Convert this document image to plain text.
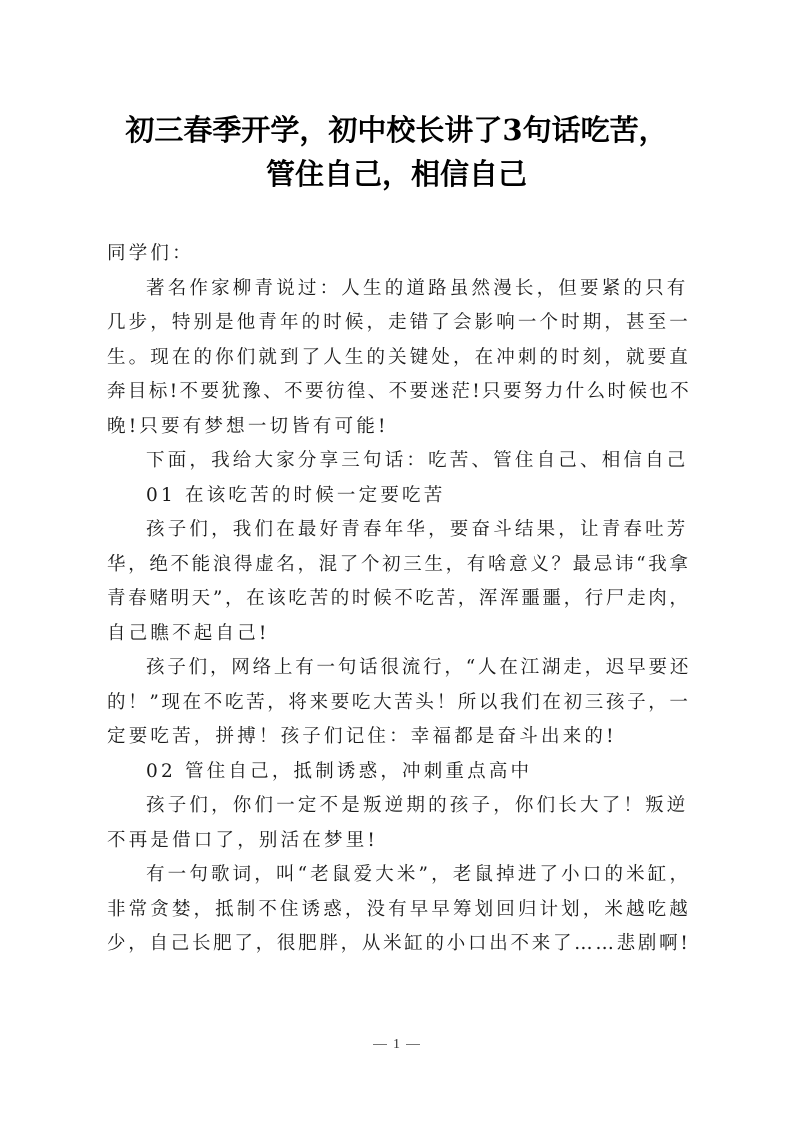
初三春季开学，初中校长讲了3句话吃苦，
管住自己，相信自己
同学们：
著名作家柳青说过：人生的道路虽然漫长，但要紧的只有
几步，特别是他青年的时候，走错了会影响一个时期，甚至一
生。现在的你们就到了人生的关键处，在冲刺的时刻，就要直
奔目标!不要犹豫、不要彷徨、不要迷茫!只要努力什么时候也不
晚!只要有梦想一切皆有可能!
下面，我给大家分享三句话：吃苦、管住自己、相信自己
01 在该吃苦的时候一定要吃苦
孩子们，我们在最好青春年华，要奋斗结果，让青春吐芳
华，绝不能浪得虚名，混了个初三生，有啥意义？最忌讳“我拿
青春赌明天”，在该吃苦的时候不吃苦，浑浑噩噩，行尸走肉，
自己瞧不起自己!
孩子们，网络上有一句话很流行，“人在江湖走，迟早要还
的！”现在不吃苦，将来要吃大苦头！所以我们在初三孩子，一
定要吃苦，拼搏！孩子们记住：幸福都是奋斗出来的!
02 管住自己，抵制诱惑，冲刺重点高中
孩子们，你们一定不是叛逆期的孩子，你们长大了！叛逆
不再是借口了，别活在梦里!
有一句歌词，叫“老鼠爱大米”，老鼠掉进了小口的米缸，
非常贪婪，抵制不住诱惑，没有早早筹划回归计划，米越吃越
少，自己长肥了，很肥胖，从米缸的小口出不来了……悲剧啊!
1
